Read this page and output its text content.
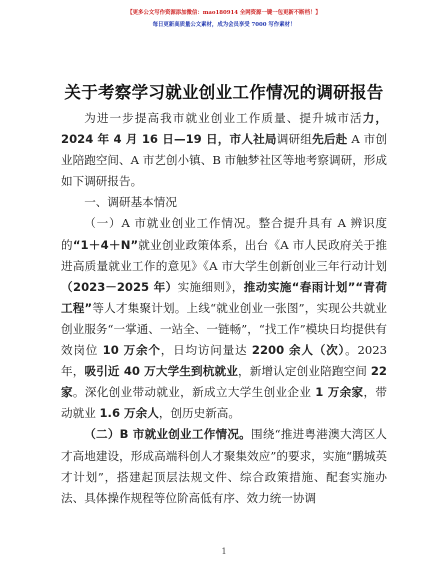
【更多公文写作资源添加微信：mao180914 全网资源一键一包更新不断档！】
每日更新高质量公文素材，成为会员享受 7000 写作素材！
关于考察学习就业创业工作情况的调研报告

为进一步提高我市就业创业工作质量、提升城市活力，2024 年 4 月 16 日—19 日，市人社局调研组先后赴 A 市创业陪跑空间、A 市艺创小镇、B 市触梦社区等地考察调研，形成如下调研报告。

一、调研基本情况

（一）A 市就业创业工作情况。整合提升具有 A 辨识度的“1＋4＋N”就业创业政策体系，出台《A 市人民政府关于推进高质量就业工作的意见》《A 市大学生创新创业三年行动计划（2023－2025 年）实施细则》，推动实施“春雨计划”“青荷工程”等人才集聚计划。上线“就业创业一张图”，实现公共就业创业服务“一掌通、一站全、一链畅”，“找工作”模块日均提供有效岗位 10 万余个，日均访问量达 2200 余人（次）。2023 年，吸引近 40 万大学生到杭就业，新增认定创业陪跑空间 22 家。深化创业带动就业，新成立大学生创业企业 1 万余家，带动就业 1.6 万余人，创历史新高。

（二）B 市就业创业工作情况。围绕“推进粤港澳大湾区人才高地建设，形成高端科创人才聚集效应”的要求，实施“鹏城英才计划”，搭建起顶层法规文件、综合政策措施、配套实施办法、具体操作规程等位阶高低有序、效力统一协调

1
